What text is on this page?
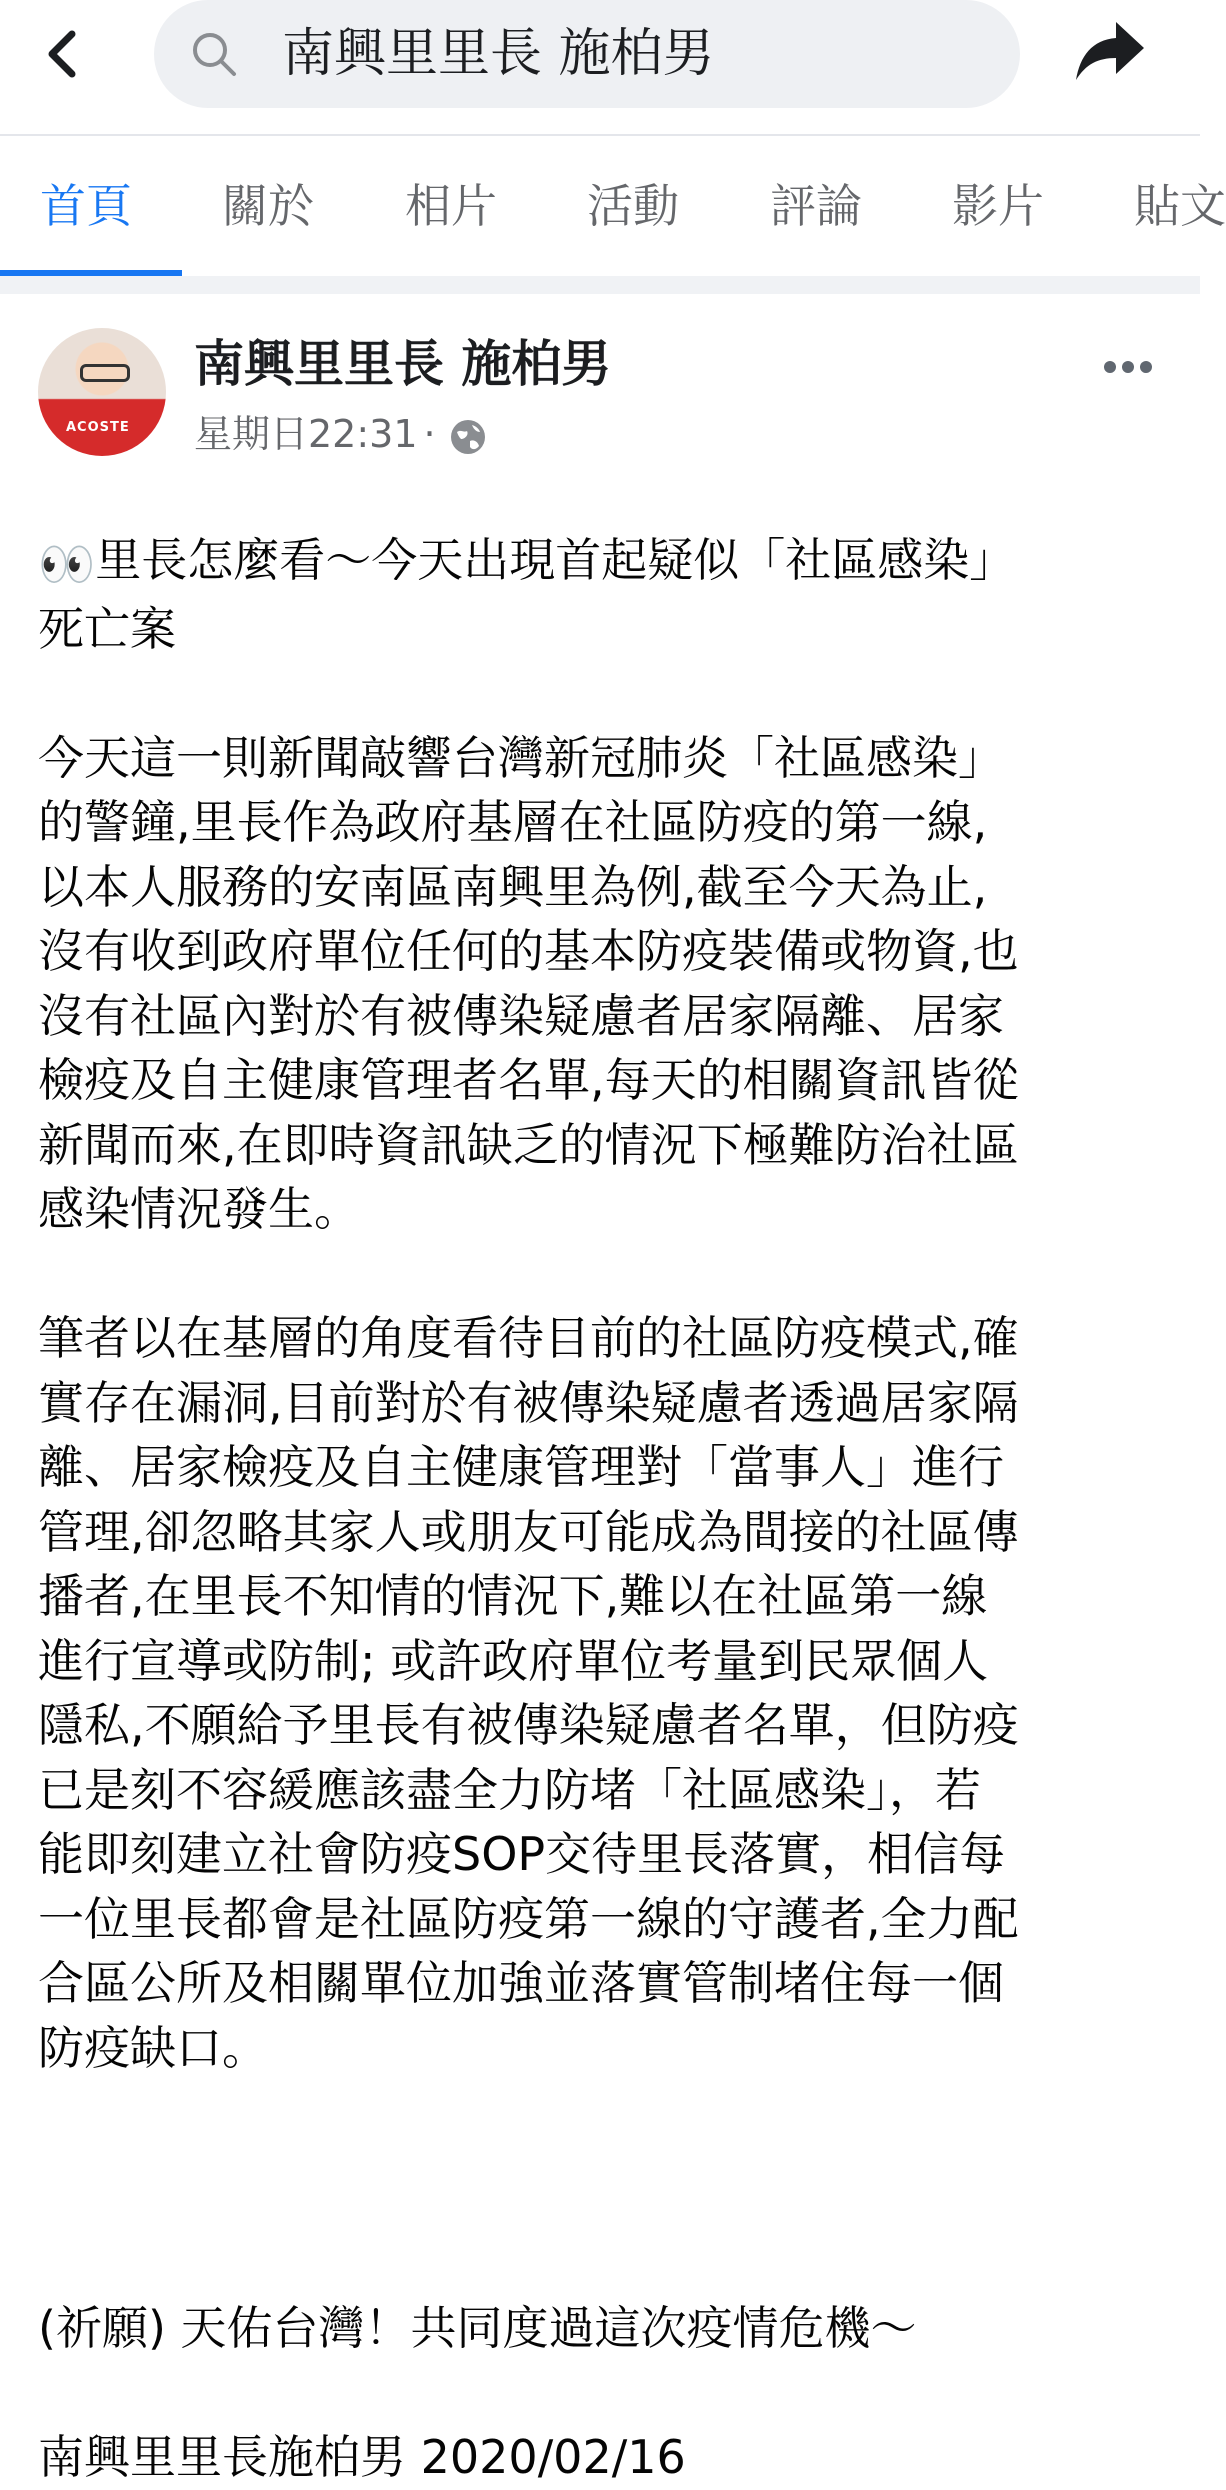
南興里里長 施柏男
首頁 關於 相片 活動 評論 影片 貼文
ACOSTE
南興里里長 施柏男
星期日22:31 ·
👀里長怎麼看～今天出現首起疑似「社區感染」
死亡案

今天這一則新聞敲響台灣新冠肺炎「社區感染」
的警鐘,里長作為政府基層在社區防疫的第一線,
以本人服務的安南區南興里為例,截至今天為止,
沒有收到政府單位任何的基本防疫裝備或物資,也
沒有社區內對於有被傳染疑慮者居家隔離、居家
檢疫及自主健康管理者名單,每天的相關資訊皆從
新聞而來,在即時資訊缺乏的情況下極難防治社區
感染情況發生。

筆者以在基層的角度看待目前的社區防疫模式,確
實存在漏洞,目前對於有被傳染疑慮者透過居家隔
離、居家檢疫及自主健康管理對「當事人」進行
管理,卻忽略其家人或朋友可能成為間接的社區傳
播者,在里長不知情的情況下,難以在社區第一線
進行宣導或防制; 或許政府單位考量到民眾個人
隱私,不願給予里長有被傳染疑慮者名單，但防疫
已是刻不容緩應該盡全力防堵「社區感染」，若
能即刻建立社會防疫SOP交待里長落實，相信每
一位里長都會是社區防疫第一線的守護者,全力配
合區公所及相關單位加強並落實管制堵住每一個
防疫缺口。
(祈願) 天佑台灣！共同度過這次疫情危機～
南興里里長施柏男 2020/02/16
